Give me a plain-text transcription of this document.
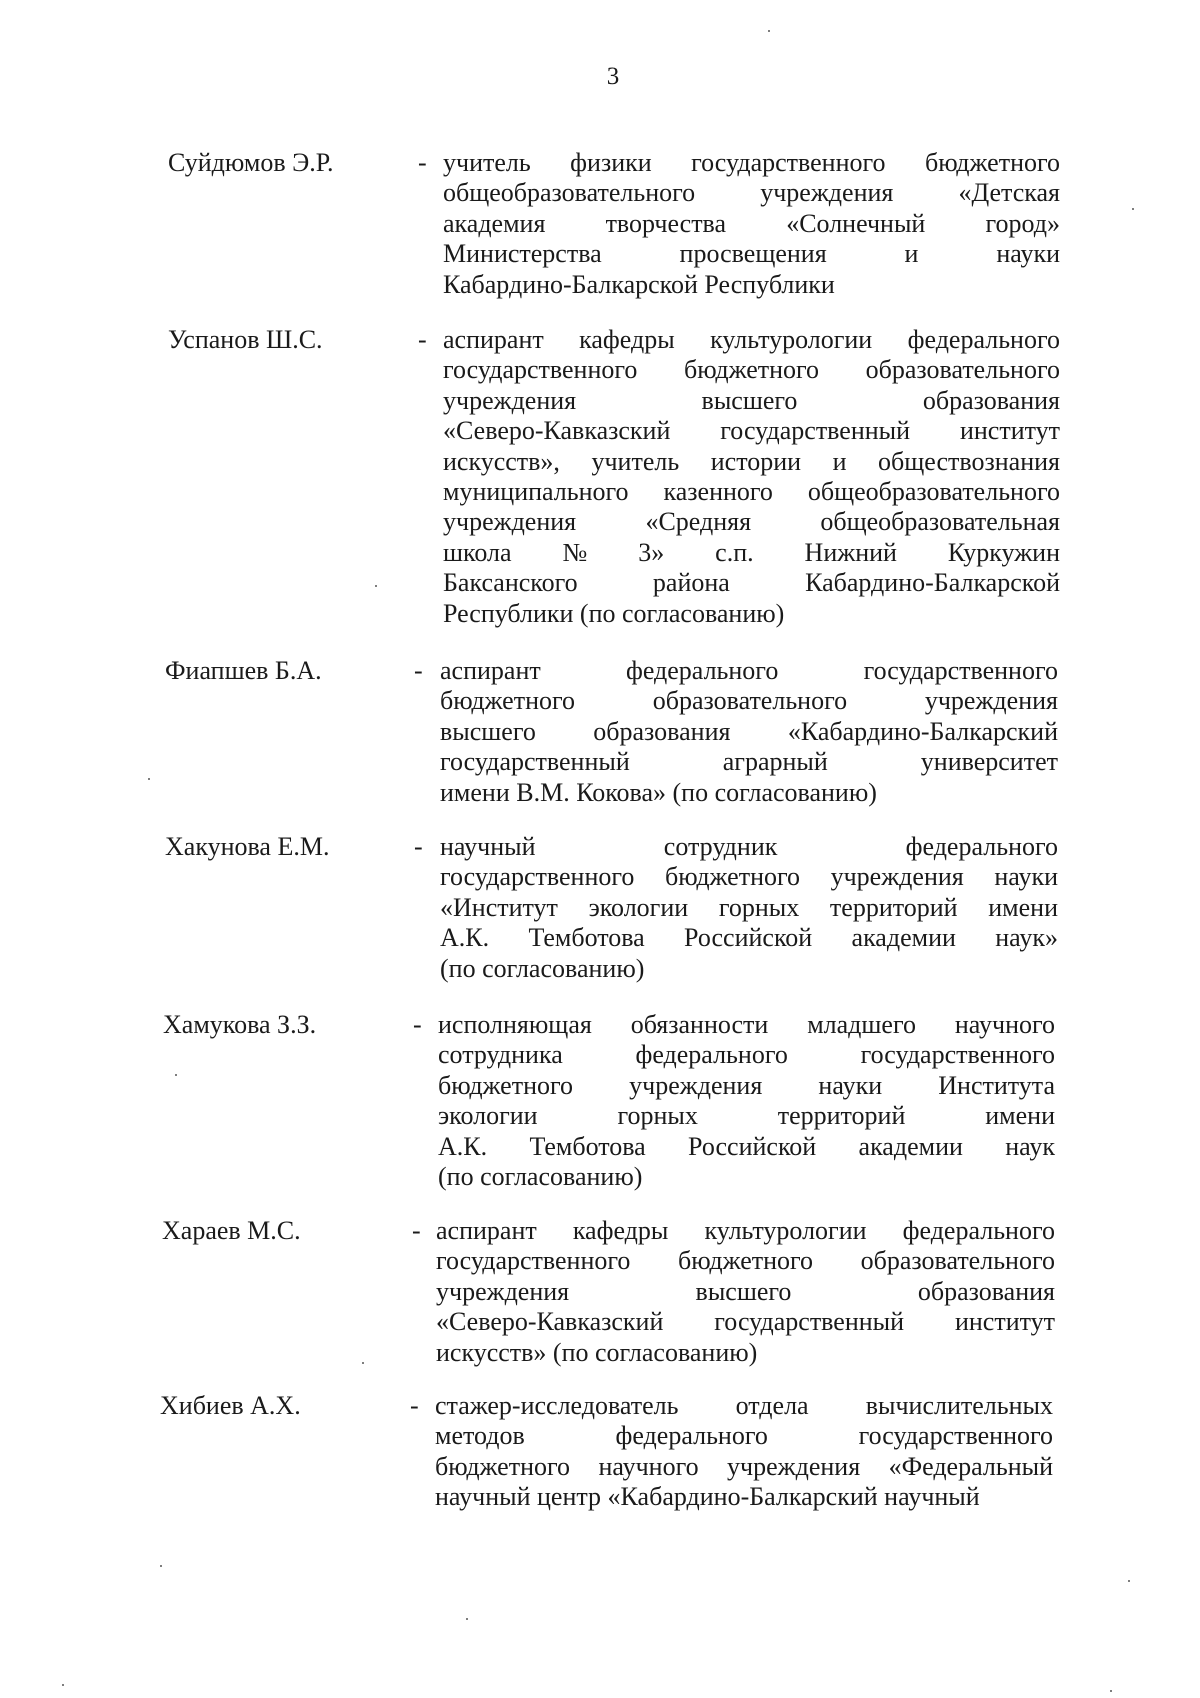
3
Суйдюмов Э.Р.	- учитель физики государственного бюджетного
общеобразовательного учреждения «Детская
академия творчества «Солнечный город»
Министерства просвещения и науки
Кабардино-Балкарской Республики
Успанов Ш.С.	- аспирант кафедры культурологии федерального
государственного бюджетного образовательного
учреждения высшего образования
«Северо-Кавказский государственный институт
искусств», учитель истории и обществознания
муниципального казенного общеобразовательного
учреждения «Средняя общеобразовательная
школа № 3» с.п. Нижний Куркужин
Баксанского района Кабардино-Балкарской
Республики (по согласованию)
Фиапшев Б.А.	- аспирант федерального государственного
бюджетного образовательного учреждения
высшего образования «Кабардино-Балкарский
государственный аграрный университет
имени В.М. Кокова» (по согласованию)
Хакунова Е.М.	- научный сотрудник федерального
государственного бюджетного учреждения науки
«Институт экологии горных территорий имени
А.К. Темботова Российской академии наук»
(по согласованию)
Хамукова З.З.	- исполняющая обязанности младшего научного
сотрудника федерального государственного
бюджетного учреждения науки Института
экологии горных территорий имени
А.К. Темботова Российской академии наук
(по согласованию)
Хараев М.С.	- аспирант кафедры культурологии федерального
государственного бюджетного образовательного
учреждения высшего образования
«Северо-Кавказский государственный институт
искусств» (по согласованию)
Хибиев А.Х.	- стажер-исследователь отдела вычислительных
методов федерального государственного
бюджетного научного учреждения «Федеральный
научный центр «Кабардино-Балкарский научный
